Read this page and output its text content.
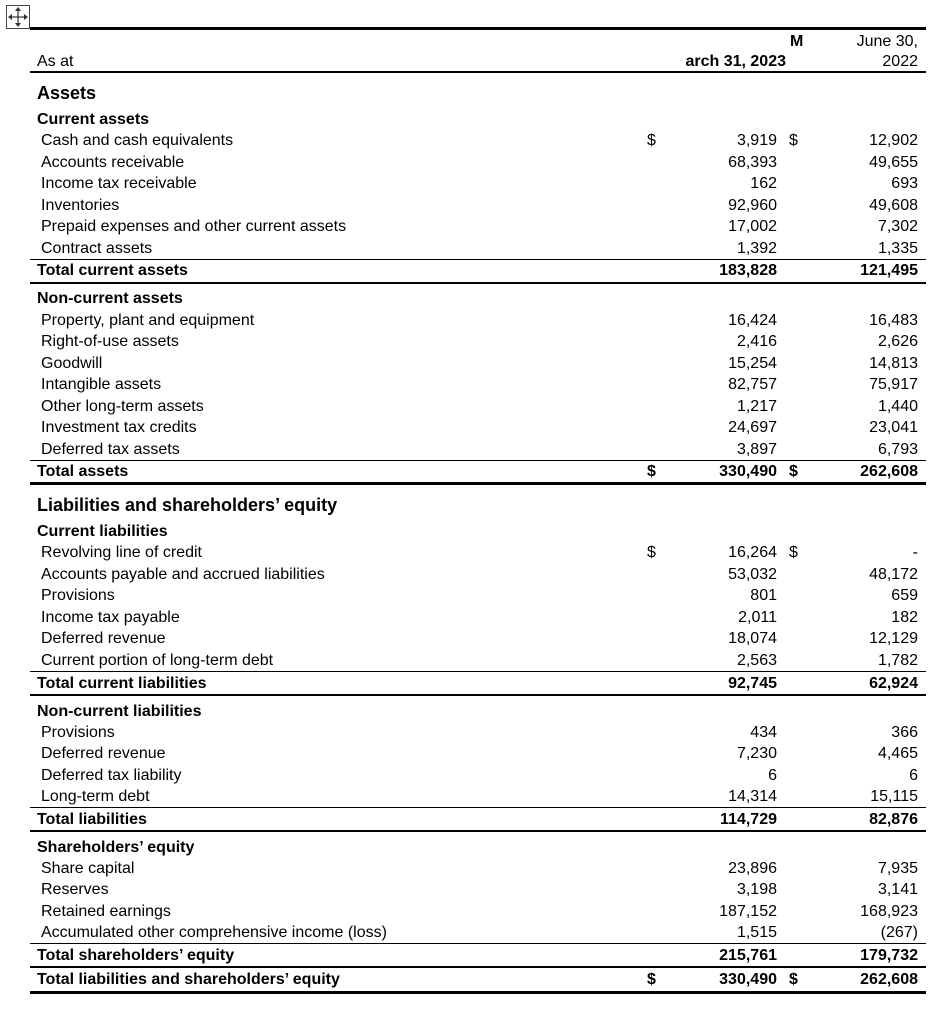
M	June 30,
As at	arch 31, 2023	2022
Assets
Current assets
Cash and cash equivalents	$	3,919 $	12,902
Accounts receivable	68,393	49,655
Income tax receivable	162	693
Inventories	92,960	49,608
Prepaid expenses and other current assets	17,002	7,302
Contract assets	1,392	1,335
Total current assets	183,828	121,495
Non-current assets
Property, plant and equipment	16,424	16,483
Right-of-use assets	2,416	2,626
Goodwill	15,254	14,813
Intangible assets	82,757	75,917
Other long-term assets	1,217	1,440
Investment tax credits	24,697	23,041
Deferred tax assets	3,897	6,793
Total assets	$	330,490 $	262,608
Liabilities and shareholders’ equity
Current liabilities
Revolving line of credit	$	16,264 $	-
Accounts payable and accrued liabilities	53,032	48,172
Provisions	801	659
Income tax payable	2,011	182
Deferred revenue	18,074	12,129
Current portion of long-term debt	2,563	1,782
Total current liabilities	92,745	62,924
Non-current liabilities
Provisions	434	366
Deferred revenue	7,230	4,465
Deferred tax liability	6	6
Long-term debt	14,314	15,115
Total liabilities	114,729	82,876
Shareholders’ equity
Share capital	23,896	7,935
Reserves	3,198	3,141
Retained earnings	187,152	168,923
Accumulated other comprehensive income (loss)	1,515	(267)
Total shareholders’ equity	215,761	179,732
Total liabilities and shareholders’ equity	$	330,490 $	262,608
